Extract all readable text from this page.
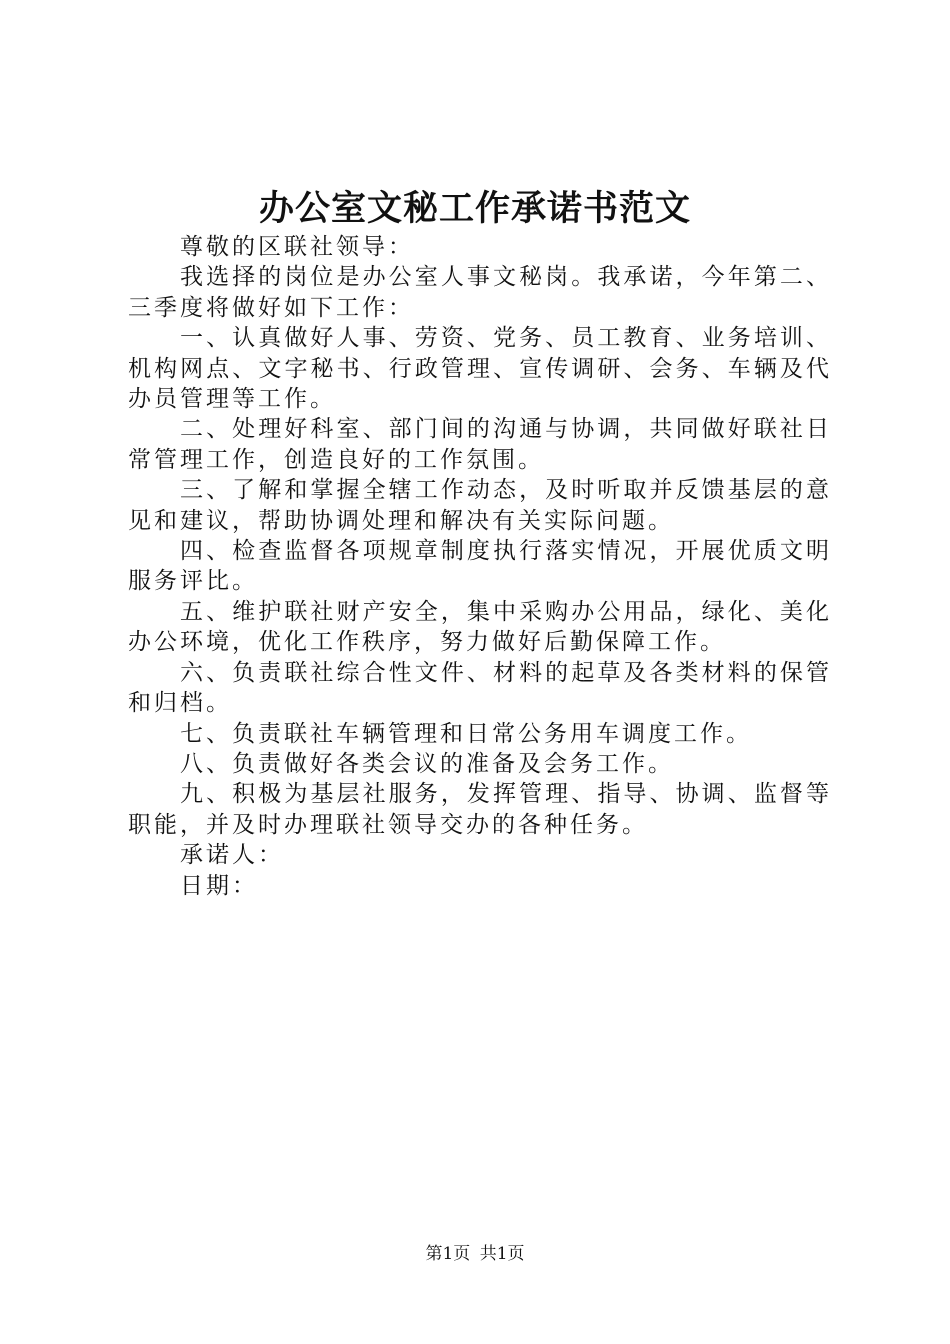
办公室文秘工作承诺书范文

尊敬的区联社领导：

我选择的岗位是办公室人事文秘岗。我承诺，今年第二、三季度将做好如下工作：

一、认真做好人事、劳资、党务、员工教育、业务培训、机构网点、文字秘书、行政管理、宣传调研、会务、车辆及代办员管理等工作。

二、处理好科室、部门间的沟通与协调，共同做好联社日常管理工作，创造良好的工作氛围。

三、了解和掌握全辖工作动态，及时听取并反馈基层的意见和建议，帮助协调处理和解决有关实际问题。

四、检查监督各项规章制度执行落实情况，开展优质文明服务评比。

五、维护联社财产安全，集中采购办公用品，绿化、美化办公环境，优化工作秩序，努力做好后勤保障工作。

六、负责联社综合性文件、材料的起草及各类材料的保管和归档。

七、负责联社车辆管理和日常公务用车调度工作。

八、负责做好各类会议的准备及会务工作。

九、积极为基层社服务，发挥管理、指导、协调、监督等职能，并及时办理联社领导交办的各种任务。

承诺人：

日期：

第1页 共1页
